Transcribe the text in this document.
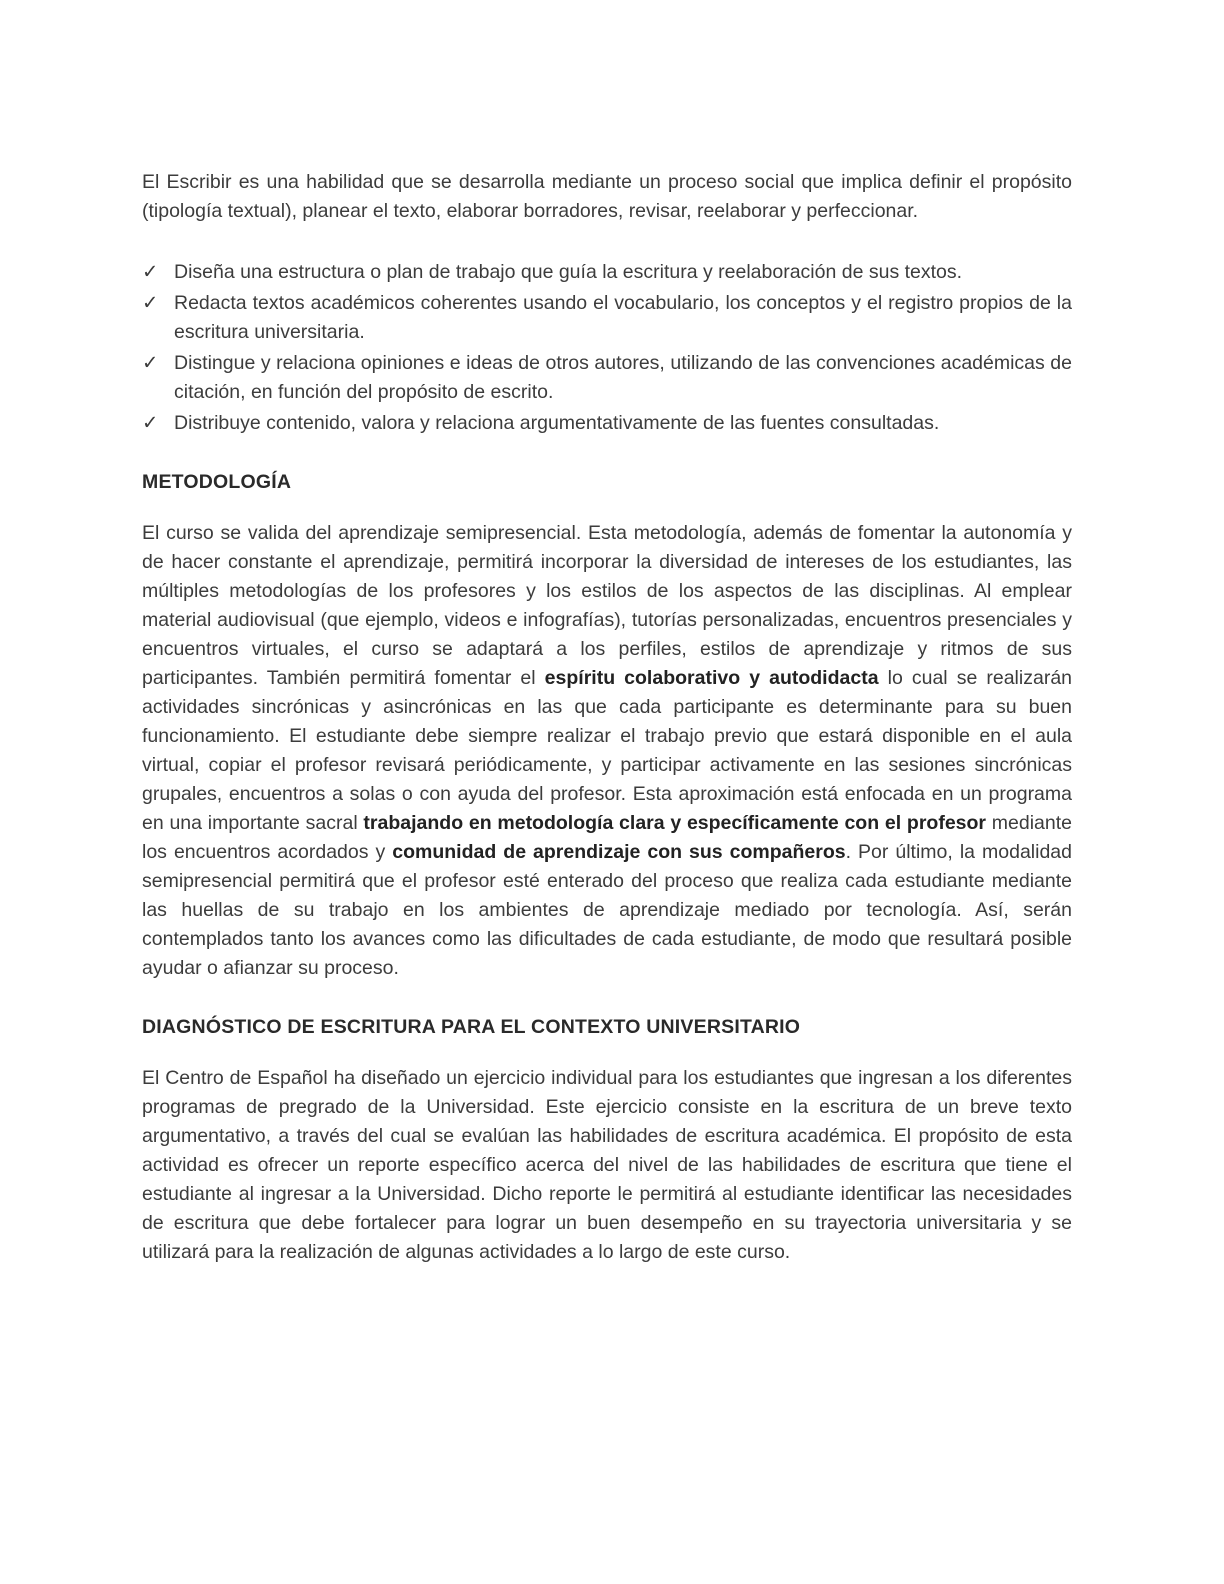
El Escribir es una habilidad que se desarrolla mediante un proceso social que implica definir el propósito (tipología textual), planear el texto, elaborar borradores, revisar, reelaborar y perfeccionar.

✓ Diseña una estructura o plan de trabajo que guía la escritura y reelaboración de sus textos.
✓ Redacta textos académicos coherentes usando el vocabulario, los conceptos y el registro propios de la escritura universitaria.
✓ Distingue y relaciona opiniones e ideas de otros autores, utilizando de las convenciones académicas de citación, en función del propósito de escrito.
✓ Distribuye contenido, valora y relaciona argumentativamente de las fuentes consultadas.
METODOLOGÍA

El curso se valida del aprendizaje semipresencial. Esta metodología, además de fomentar la autonomía y de hacer constante el aprendizaje, permitirá incorporar la diversidad de intereses de los estudiantes, las múltiples metodologías de los profesores y los estilos de los aspectos de las disciplinas. Al emplear material audiovisual (que ejemplo, videos e infografías), tutorías personalizadas, encuentros presenciales y encuentros virtuales, el curso se adaptará a los perfiles, estilos de aprendizaje y ritmos de sus participantes. También permitirá fomentar el espíritu colaborativo y autodidacta lo cual se realizarán actividades sincrónicas y asincrónicas en las que cada participante es determinante para su buen funcionamiento. El estudiante debe siempre realizar el trabajo previo que estará disponible en el aula virtual, copiar el profesor revisará periódicamente, y participar activamente en las sesiones sincrónicas grupales, encuentros a solas o con ayuda del profesor. Esta aproximación está enfocada en un programa en una importante sacral trabajando en metodología clara y específicamente con el profesor mediante los encuentros acordados y comunidad de aprendizaje con sus compañeros. Por último, la modalidad semipresencial permitirá que el profesor esté enterado del proceso que realiza cada estudiante mediante las huellas de su trabajo en los ambientes de aprendizaje mediado por tecnología. Así, serán contemplados tanto los avances como las dificultades de cada estudiante, de modo que resultará posible ayudar o afianzar su proceso.

DIAGNÓSTICO DE ESCRITURA PARA EL CONTEXTO UNIVERSITARIO

El Centro de Español ha diseñado un ejercicio individual para los estudiantes que ingresan a los diferentes programas de pregrado de la Universidad. Este ejercicio consiste en la escritura de un breve texto argumentativo, a través del cual se evalúan las habilidades de escritura académica. El propósito de esta actividad es ofrecer un reporte específico acerca del nivel de las habilidades de escritura que tiene el estudiante al ingresar a la Universidad. Dicho reporte le permitirá al estudiante identificar las necesidades de escritura que debe fortalecer para lograr un buen desempeño en su trayectoria universitaria y se utilizará para la realización de algunas actividades a lo largo de este curso.
